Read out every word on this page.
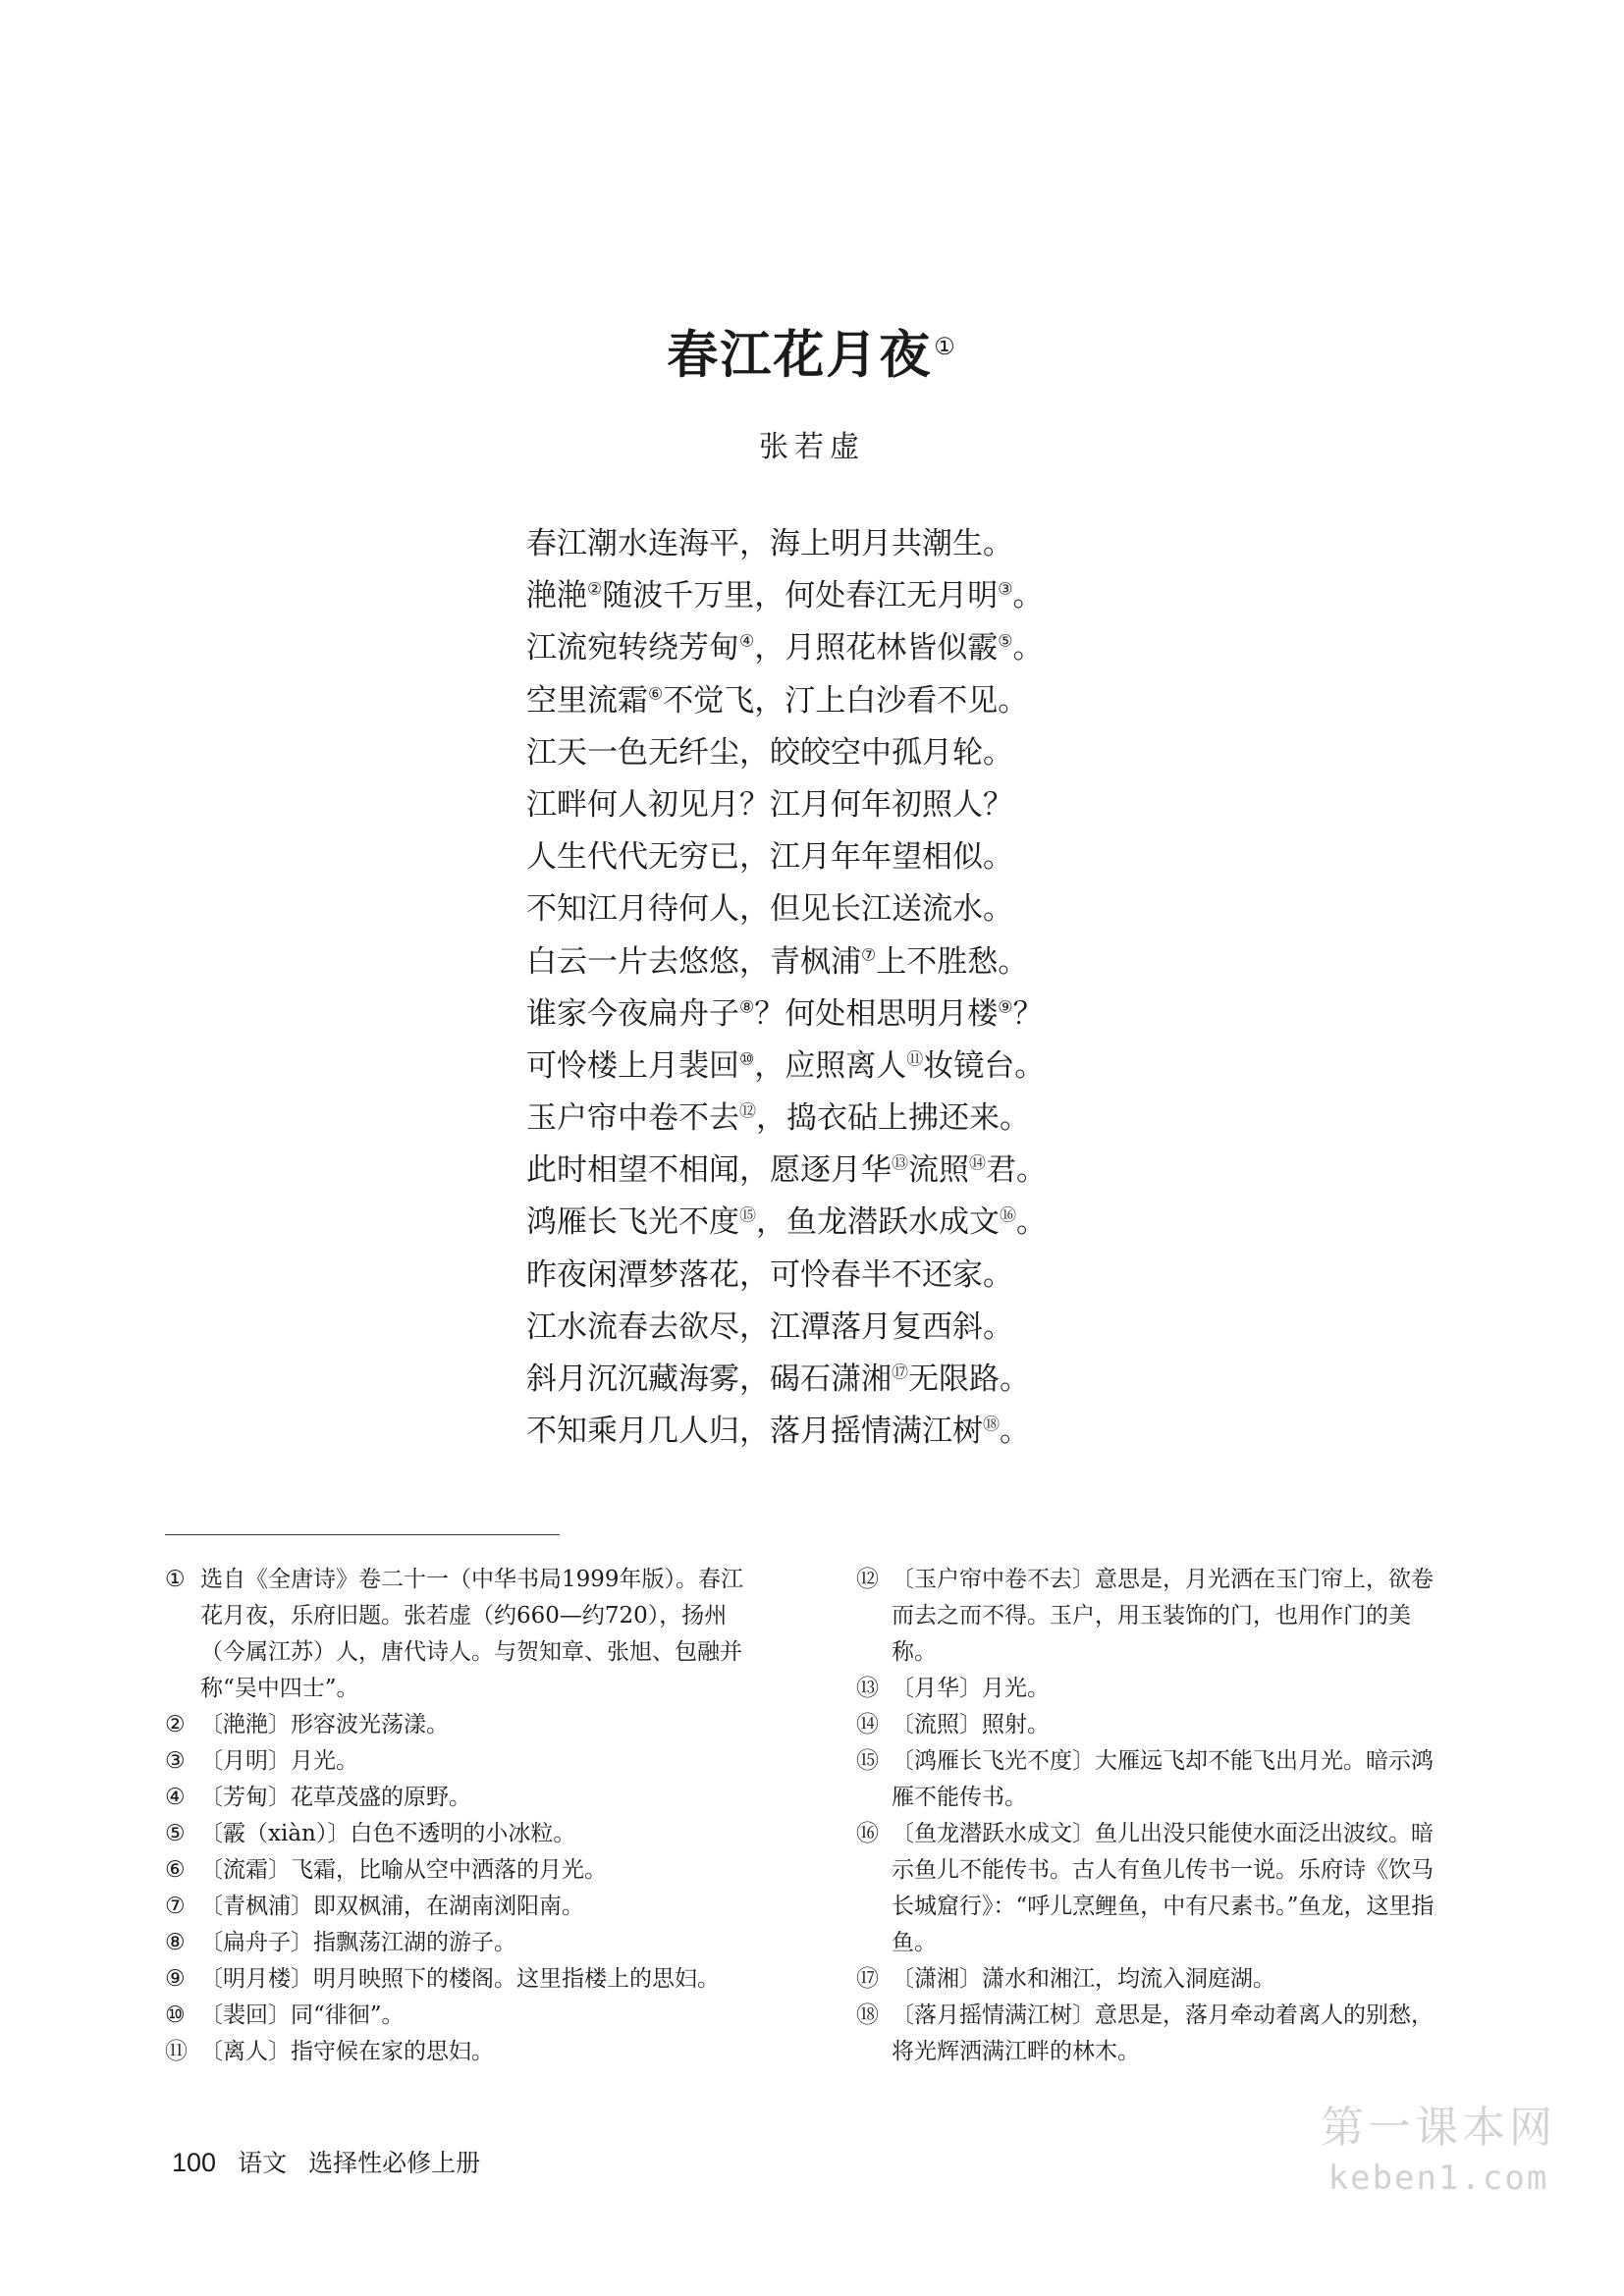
春江花月夜①
张若虚
春江潮水连海平，海上明月共潮生。
滟滟②随波千万里，何处春江无月明③。
江流宛转绕芳甸④，月照花林皆似霰⑤。
空里流霜⑥不觉飞，汀上白沙看不见。
江天一色无纤尘，皎皎空中孤月轮。
江畔何人初见月？江月何年初照人？
人生代代无穷已，江月年年望相似。
不知江月待何人，但见长江送流水。
白云一片去悠悠，青枫浦⑦上不胜愁。
谁家今夜扁舟子⑧？何处相思明月楼⑨？
可怜楼上月裴回⑩，应照离人⑪妆镜台。
玉户帘中卷不去⑫，捣衣砧上拂还来。
此时相望不相闻，愿逐月华⑬流照⑭君。
鸿雁长飞光不度⑮，鱼龙潜跃水成文⑯。
昨夜闲潭梦落花，可怜春半不还家。
江水流春去欲尽，江潭落月复西斜。
斜月沉沉藏海雾，碣石潇湘⑰无限路。
不知乘月几人归，落月摇情满江树⑱。

① 选自《全唐诗》卷二十一（中华书局1999年版）。春江花月夜，乐府旧题。张若虚（约660—约720），扬州（今属江苏）人，唐代诗人。与贺知章、张旭、包融并称“吴中四士”。

② 〔滟滟〕形容波光荡漾。

③ 〔月明〕月光。

④ 〔芳甸〕花草茂盛的原野。

⑤ 〔霰（xiàn）〕白色不透明的小冰粒。

⑥ 〔流霜〕飞霜，比喻从空中洒落的月光。

⑦ 〔青枫浦〕即双枫浦，在湖南浏阳南。

⑧ 〔扁舟子〕指飘荡江湖的游子。

⑨ 〔明月楼〕明月映照下的楼阁。这里指楼上的思妇。

⑩ 〔裴回〕同“徘徊”。

⑪ 〔离人〕指守候在家的思妇。

⑫ 〔玉户帘中卷不去〕意思是，月光洒在玉门帘上，欲卷而去之而不得。玉户，用玉装饰的门，也用作门的美称。

⑬ 〔月华〕月光。

⑭ 〔流照〕照射。

⑮ 〔鸿雁长飞光不度〕大雁远飞却不能飞出月光。暗示鸿雁不能传书。

⑯ 〔鱼龙潜跃水成文〕鱼儿出没只能使水面泛出波纹。暗示鱼儿不能传书。古人有鱼儿传书一说。乐府诗《饮马长城窟行》：“呼儿烹鲤鱼，中有尺素书。”鱼龙，这里指鱼。

⑰ 〔潇湘〕潇水和湘江，均流入洞庭湖。

⑱ 〔落月摇情满江树〕意思是，落月牵动着离人的别愁，将光辉洒满江畔的林木。

100 语文 选择性必修上册
第一课本网
keben1.com
